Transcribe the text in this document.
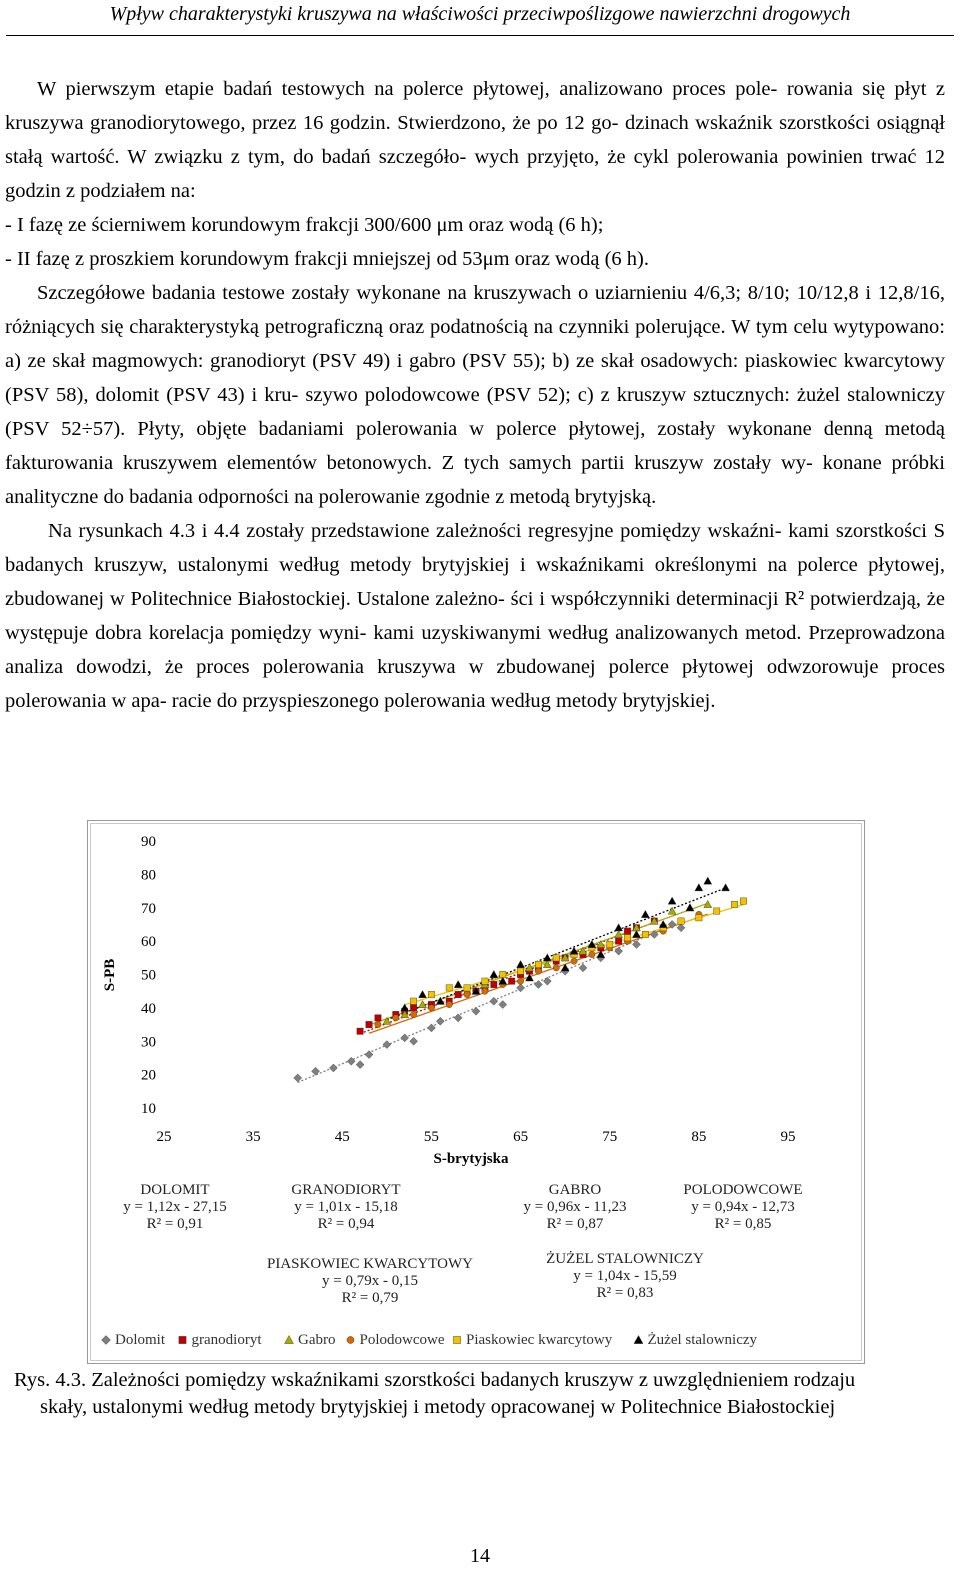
Wpływ charakterystyki kruszywa na właściwości przeciwpoślizgowe nawierzchni drogowych

W pierwszym etapie badań testowych na polerce płytowej, analizowano proces pole- rowania się płyt z kruszywa granodiorytowego, przez 16 godzin. Stwierdzono, że po 12 go- dzinach wskaźnik szorstkości osiągnął stałą wartość. W związku z tym, do badań szczegóło- wych przyjęto, że cykl polerowania powinien trwać 12 godzin z podziałem na:

- I fazę ze ścierniwem korundowym frakcji 300/600 μm oraz wodą (6 h);

- II fazę z proszkiem korundowym frakcji mniejszej od 53μm oraz wodą (6 h).

Szczegółowe badania testowe zostały wykonane na kruszywach o uziarnieniu 4/6,3; 8/10; 10/12,8 i 12,8/16, różniących się charakterystyką petrograficzną oraz podatnością na czynniki polerujące. W tym celu wytypowano: a) ze skał magmowych: granodioryt (PSV 49) i gabro (PSV 55); b) ze skał osadowych: piaskowiec kwarcytowy (PSV 58), dolomit (PSV 43) i kru- szywo polodowcowe (PSV 52); c) z kruszyw sztucznych: żużel stalowniczy (PSV 52÷57). Płyty, objęte badaniami polerowania w polerce płytowej, zostały wykonane denną metodą fakturowania kruszywem elementów betonowych. Z tych samych partii kruszyw zostały wy- konane próbki analityczne do badania odporności na polerowanie zgodnie z metodą brytyjską.

Na rysunkach 4.3 i 4.4 zostały przedstawione zależności regresyjne pomiędzy wskaźni- kami szorstkości S badanych kruszyw, ustalonymi według metody brytyjskiej i wskaźnikami określonymi na polerce płytowej, zbudowanej w Politechnice Białostockiej. Ustalone zależno- ści i współczynniki determinacji R² potwierdzają, że występuje dobra korelacja pomiędzy wyni- kami uzyskiwanymi według analizowanych metod. Przeprowadzona analiza dowodzi, że proces polerowania kruszywa w zbudowanej polerce płytowej odwzorowuje proces polerowania w apa- racie do przyspieszonego polerowania według metody brytyjskiej.

25	35	45	55	65	75	85	95
10
20
30
40
50
60
70
80
90
S-brytyjska
S-PB
Dolomit granodioryt Gabro Polodowcowe Piaskowiec kwarcytowy Żużel stalowniczy
DOLOMIT
y = 1,12x - 27,15
R² = 0,91
GRANODIORYT
y = 1,01x - 15,18
R² = 0,94
GABRO
y = 0,96x - 11,23
R² = 0,87
POLODOWCOWE
y = 0,94x - 12,73
R² = 0,85
PIASKOWIEC KWARCYTOWY
y = 0,79x - 0,15
R² = 0,79
ŻUŻEL STALOWNICZY
y = 1,04x - 15,59
R² = 0,83
Rys. 4.3. Zależności pomiędzy wskaźnikami szorstkości badanych kruszyw z uwzględnieniem rodzaju
skały, ustalonymi według metody brytyjskiej i metody opracowanej w Politechnice Białostockiej
14
